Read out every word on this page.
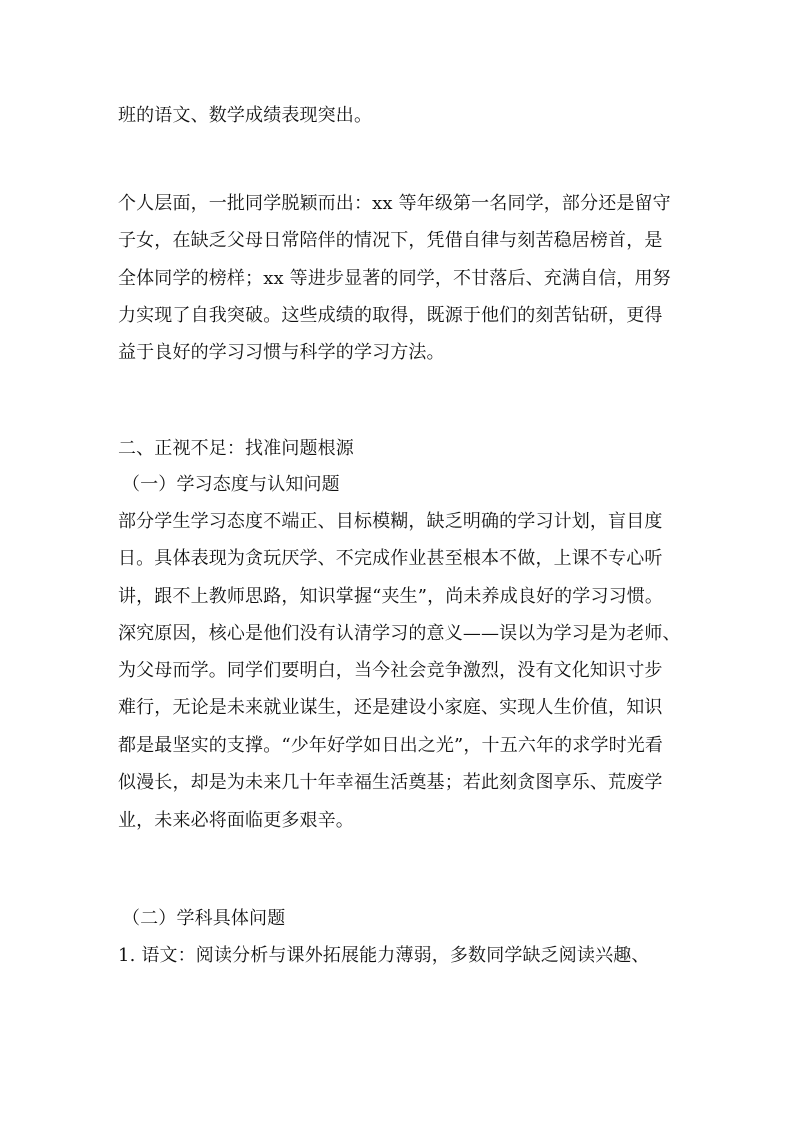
班的语文、数学成绩表现突出。
个人层面，一批同学脱颖而出：xx 等年级第一名同学，部分还是留守
子女，在缺乏父母日常陪伴的情况下，凭借自律与刻苦稳居榜首，是
全体同学的榜样；xx 等进步显著的同学，不甘落后、充满自信，用努
力实现了自我突破。这些成绩的取得，既源于他们的刻苦钻研，更得
益于良好的学习习惯与科学的学习方法。
二、正视不足：找准问题根源
（一）学习态度与认知问题
部分学生学习态度不端正、目标模糊，缺乏明确的学习计划，盲目度
日。具体表现为贪玩厌学、不完成作业甚至根本不做，上课不专心听
讲，跟不上教师思路，知识掌握“夹生”，尚未养成良好的学习习惯。
深究原因，核心是他们没有认清学习的意义——误以为学习是为老师、
为父母而学。同学们要明白，当今社会竞争激烈，没有文化知识寸步
难行，无论是未来就业谋生，还是建设小家庭、实现人生价值，知识
都是最坚实的支撑。“少年好学如日出之光”，十五六年的求学时光看
似漫长，却是为未来几十年幸福生活奠基；若此刻贪图享乐、荒废学
业，未来必将面临更多艰辛。
（二）学科具体问题
1. 语文：阅读分析与课外拓展能力薄弱，多数同学缺乏阅读兴趣、
